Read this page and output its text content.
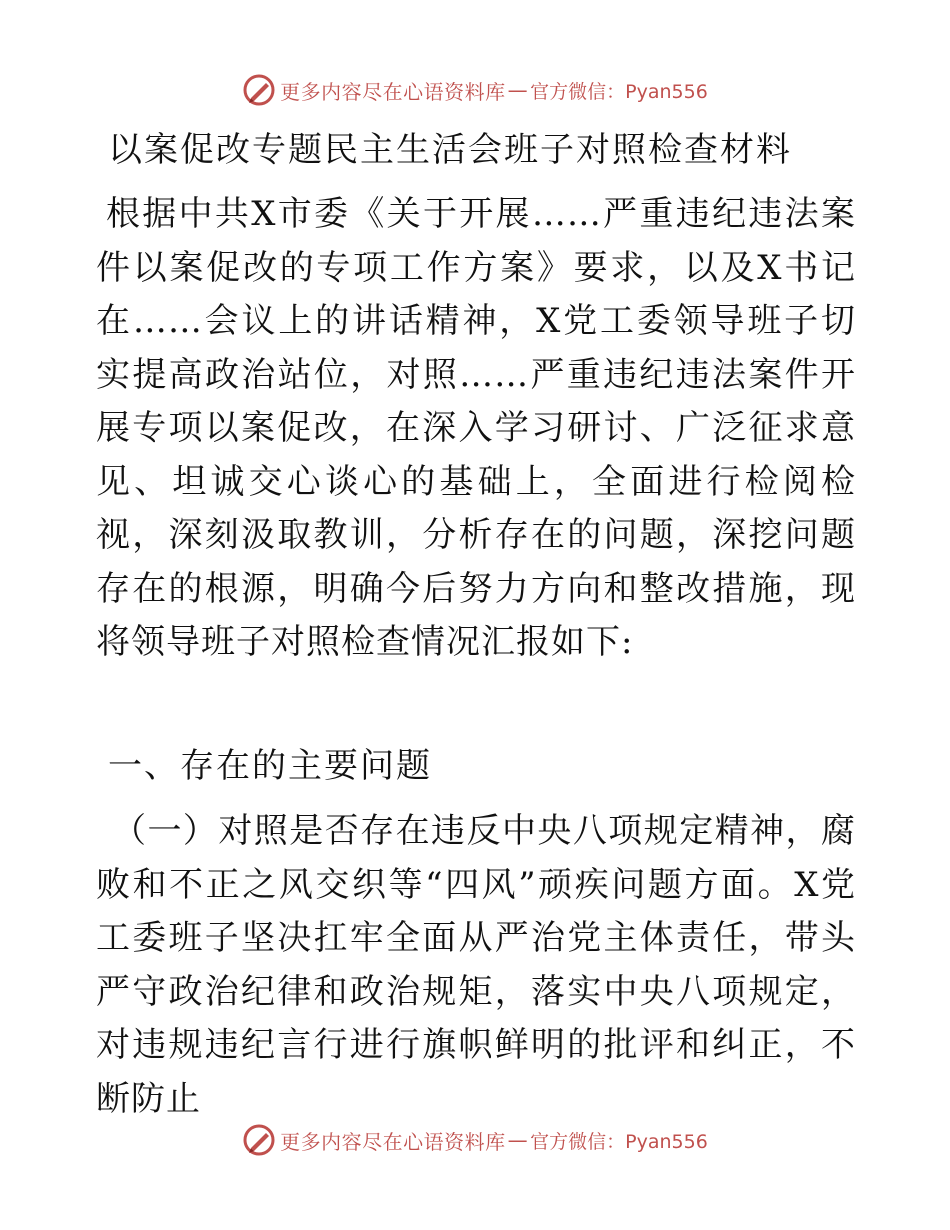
更多内容尽在心语资料库 — 官方微信：Pyan556
以案促改专题民主生活会班子对照检查材料
根据中共X市委《关于开展……严重违纪违法案件以案促改的专项工作方案》要求，以及X书记在……会议上的讲话精神，X党工委领导班子切实提高政治站位，对照……严重违纪违法案件开展专项以案促改，在深入学习研讨、广泛征求意见、坦诚交心谈心的基础上，全面进行检阅检视，深刻汲取教训，分析存在的问题，深挖问题存在的根源，明确今后努力方向和整改措施，现将领导班子对照检查情况汇报如下:
一、存在的主要问题
（一）对照是否存在违反中央八项规定精神，腐败和不正之风交织等“四风”顽疾问题方面。X党工委班子坚决扛牢全面从严治党主体责任，带头严守政治纪律和政治规矩，落实中央八项规定，对违规违纪言行进行旗帜鲜明的批评和纠正，不断防止
更多内容尽在心语资料库 — 官方微信：Pyan556
